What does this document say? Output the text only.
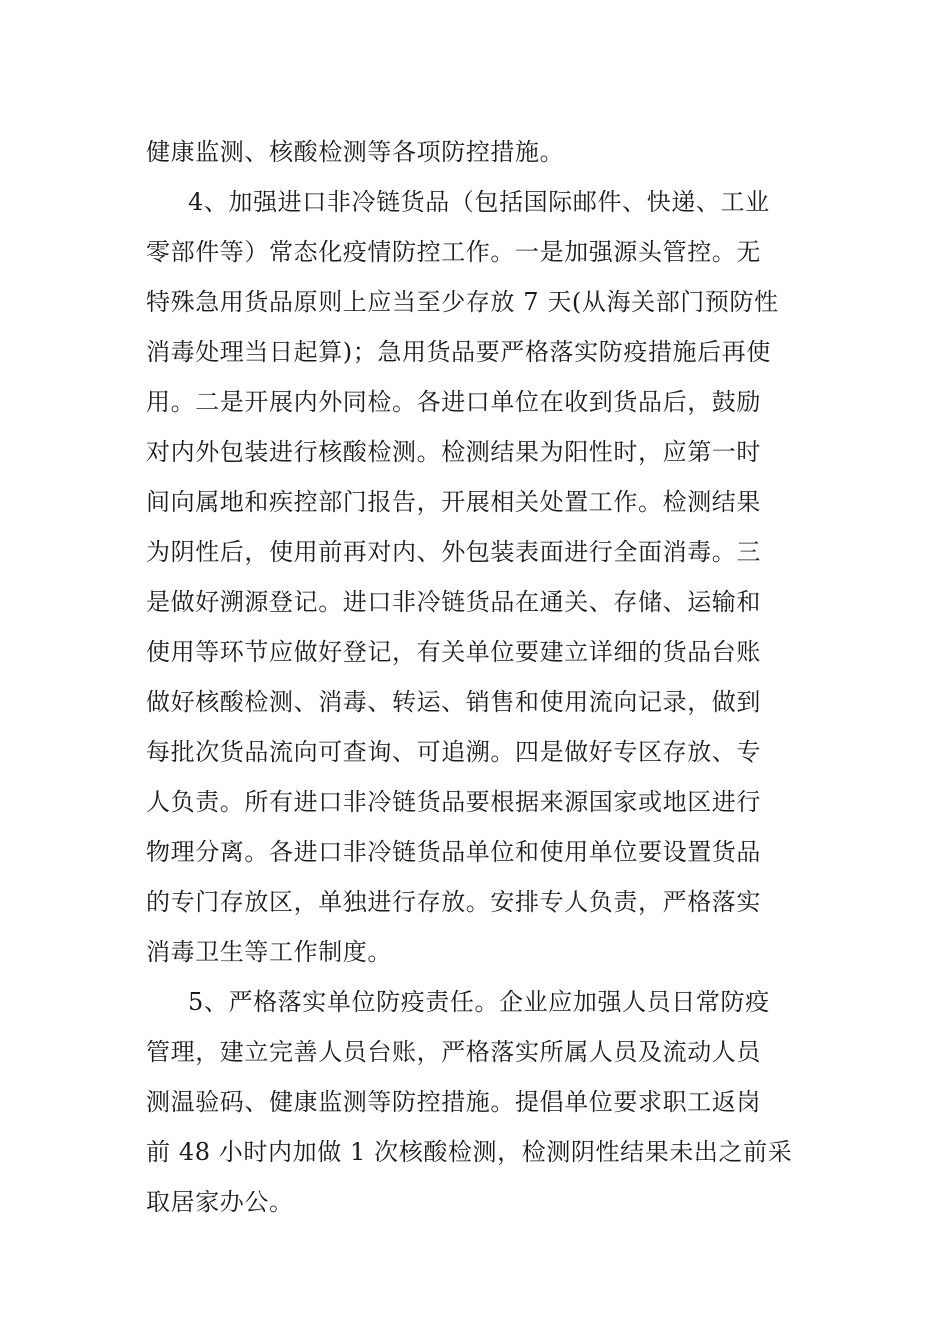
健康监测、核酸检测等各项防控措施。
4、加强进口非冷链货品（包括国际邮件、快递、工业
零部件等）常态化疫情防控工作。一是加强源头管控。无
特殊急用货品原则上应当至少存放 7 天(从海关部门预防性
消毒处理当日起算)；急用货品要严格落实防疫措施后再使
用。二是开展内外同检。各进口单位在收到货品后，鼓励
对内外包装进行核酸检测。检测结果为阳性时，应第一时
间向属地和疾控部门报告，开展相关处置工作。检测结果
为阴性后，使用前再对内、外包装表面进行全面消毒。三
是做好溯源登记。进口非冷链货品在通关、存储、运输和
使用等环节应做好登记，有关单位要建立详细的货品台账
做好核酸检测、消毒、转运、销售和使用流向记录，做到
每批次货品流向可查询、可追溯。四是做好专区存放、专
人负责。所有进口非冷链货品要根据来源国家或地区进行
物理分离。各进口非冷链货品单位和使用单位要设置货品
的专门存放区，单独进行存放。安排专人负责，严格落实
消毒卫生等工作制度。
5、严格落实单位防疫责任。企业应加强人员日常防疫
管理，建立完善人员台账，严格落实所属人员及流动人员
测温验码、健康监测等防控措施。提倡单位要求职工返岗
前 48 小时内加做 1 次核酸检测，检测阴性结果未出之前采
取居家办公。
